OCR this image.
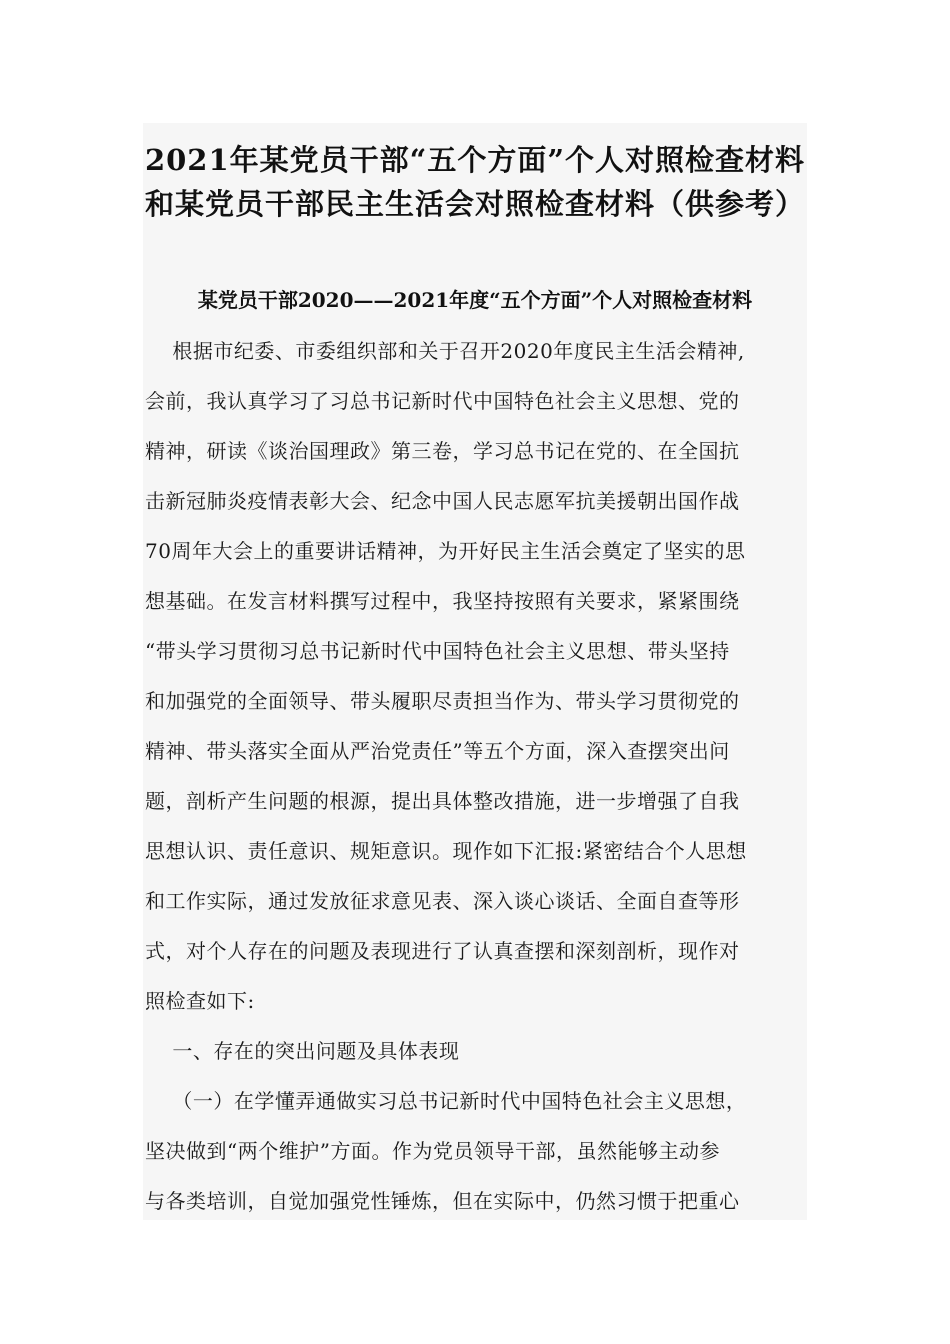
2021年某党员干部“五个方面”个人对照检查材料
和某党员干部民主生活会对照检查材料（供参考）
某党员干部2020——2021年度“五个方面”个人对照检查材料
根据市纪委、市委组织部和关于召开2020年度民主生活会精神,
会前，我认真学习了习总书记新时代中国特色社会主义思想、党的
精神，研读《谈治国理政》第三卷，学习总书记在党的、在全国抗
击新冠肺炎疫情表彰大会、纪念中国人民志愿军抗美援朝出国作战
70周年大会上的重要讲话精神，为开好民主生活会奠定了坚实的思
想基础。在发言材料撰写过程中，我坚持按照有关要求，紧紧围绕
“带头学习贯彻习总书记新时代中国特色社会主义思想、带头坚持
和加强党的全面领导、带头履职尽责担当作为、带头学习贯彻党的
精神、带头落实全面从严治党责任”等五个方面，深入查摆突出问
题，剖析产生问题的根源，提出具体整改措施，进一步增强了自我
思想认识、责任意识、规矩意识。现作如下汇报:紧密结合个人思想
和工作实际，通过发放征求意见表、深入谈心谈话、全面自查等形
式，对个人存在的问题及表现进行了认真查摆和深刻剖析，现作对
照检查如下:
一、存在的突出问题及具体表现
（一）在学懂弄通做实习总书记新时代中国特色社会主义思想，
坚决做到“两个维护”方面。作为党员领导干部，虽然能够主动参
与各类培训，自觉加强党性锤炼，但在实际中，仍然习惯于把重心
